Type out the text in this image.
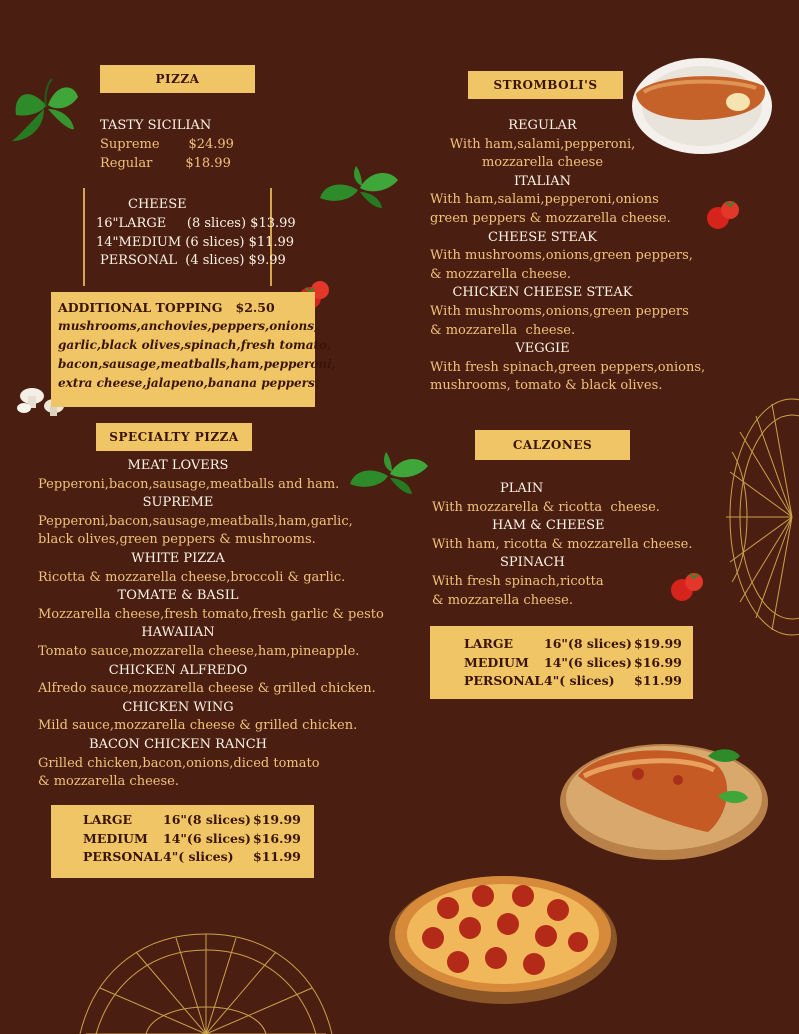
PIZZA
TASTY SICILIAN
Supreme       $24.99
Regular        $18.99
CHEESE
16"LARGE     (8 slices) $13.99
14"MEDIUM (6 slices) $11.99
PERSONAL  (4 slices) $9.99
ADDITIONAL TOPPING   $2.50
mushrooms,anchovies,peppers,onions,
garlic,black olives,spinach,fresh tomato,
bacon,sausage,meatballs,ham,pepperoni,
extra cheese,jalapeno,banana peppers.
SPECIALTY PIZZA
MEAT LOVERS
Pepperoni,bacon,sausage,meatballs and ham.
SUPREME
Pepperoni,bacon,sausage,meatballs,ham,garlic,
black olives,green peppers & mushrooms.
WHITE PIZZA
Ricotta & mozzarella cheese,broccoli & garlic.
TOMATE & BASIL
Mozzarella cheese,fresh tomato,fresh garlic & pesto
HAWAIIAN
Tomato sauce,mozzarella cheese,ham,pineapple.
CHICKEN ALFREDO
Alfredo sauce,mozzarella cheese & grilled chicken.
CHICKEN WING
Mild sauce,mozzarella cheese & grilled chicken.
BACON CHICKEN RANCH
Grilled chicken,bacon,onions,diced tomato
& mozzarella cheese.
LARGE	16"(8 slices) $19.99
MEDIUM	14"(6 slices) $16.99
PERSONAL 4"( slices)	$11.99
STROMBOLI'S
REGULAR
With ham,salami,pepperoni,
mozzarella cheese
ITALIAN
With ham,salami,pepperoni,onions
green peppers & mozzarella cheese.
CHEESE STEAK
With mushrooms,onions,green peppers,
& mozzarella cheese.
CHICKEN CHEESE STEAK
With mushrooms,onions,green peppers
& mozzarella  cheese.
VEGGIE
With fresh spinach,green peppers,onions,
mushrooms, tomato & black olives.
CALZONES
PLAIN
With mozzarella & ricotta  cheese.
HAM & CHEESE
With ham, ricotta & mozzarella cheese.
SPINACH
With fresh spinach,ricotta
& mozzarella cheese.
LARGE	16"(8 slices) $19.99
MEDIUM	14"(6 slices) $16.99
PERSONAL 4"( slices)	$11.99
